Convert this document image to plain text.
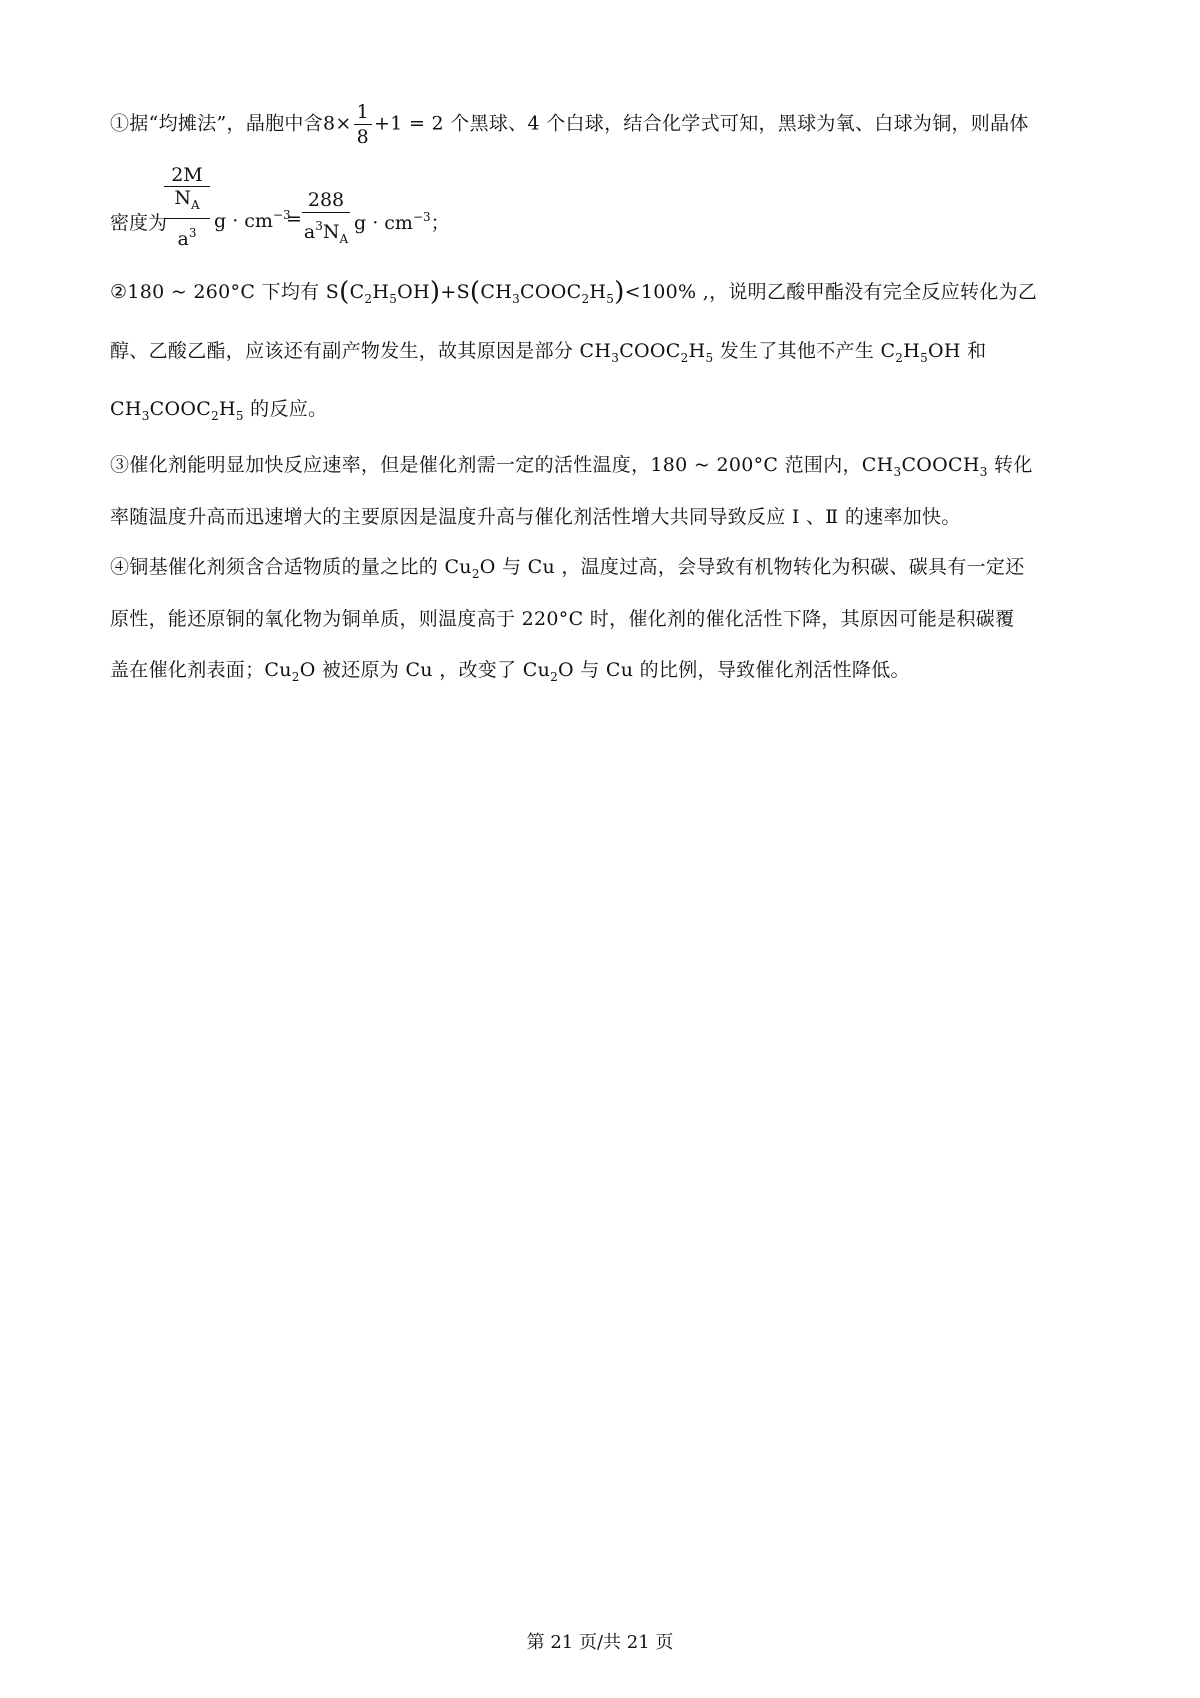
①据“均摊法”，晶胞中含$8\times \frac{1}{8} +1 = 2$ 个黑球、4 个白球，结合化学式可知，黑球为氧、白球为铜，则晶体
密度为
2M
$N_A$
$a^3$
$g \cdot cm^{-3}$
= $\frac{288}{a^3N_A}$ $g \cdot cm^{-3}$；
②180 ~ 260°C 下均有 $S(C_2H_5OH)+S(CH_3COOC_2H_5)<100\%$ ,，说明乙酸甲酯没有完全反应转化为乙
醇、乙酸乙酯，应该还有副产物发生，故其原因是部分 $CH_3COOC_2H_5$ 发生了其他不产生 $C_2H_5OH$ 和
$CH_3COOC_2H_5$ 的反应。
③催化剂能明显加快反应速率，但是催化剂需一定的活性温度，180 ~ 200°C 范围内，$CH_3COOCH_3$ 转化
率随温度升高而迅速增大的主要原因是温度升高与催化剂活性增大共同导致反应 Ⅰ 、Ⅱ 的速率加快。
④铜基催化剂须含合适物质的量之比的 $Cu_2O$ 与 Cu ，温度过高，会导致有机物转化为积碳、碳具有一定还
原性，能还原铜的氧化物为铜单质，则温度高于 220°C 时，催化剂的催化活性下降，其原因可能是积碳覆
盖在催化剂表面；$Cu_2O$ 被还原为 Cu ，改变了 $Cu_2O$ 与 Cu 的比例，导致催化剂活性降低。
第 21 页/共 21 页
